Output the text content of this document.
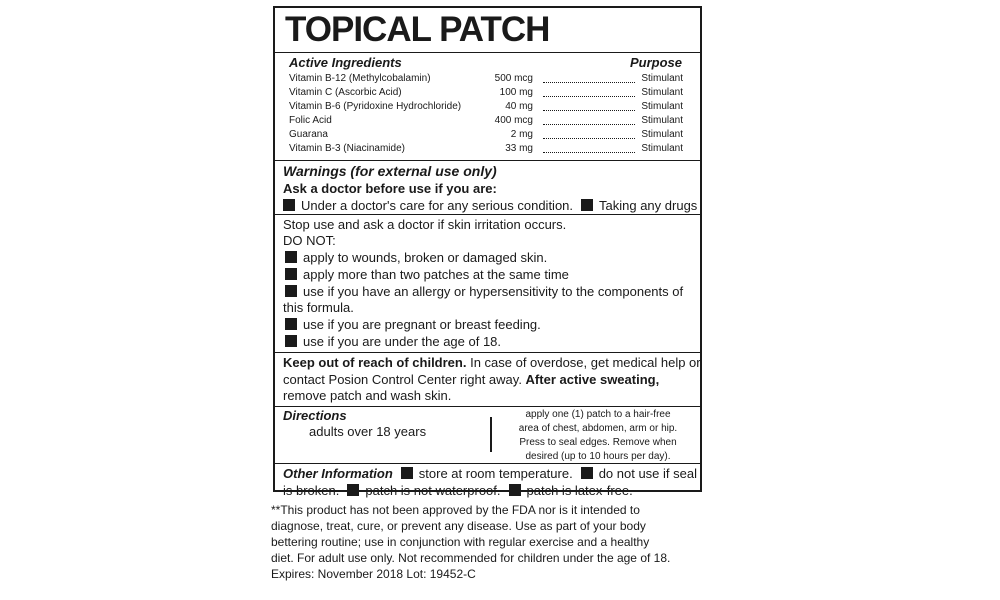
TOPICAL PATCH
Active Ingredients	Purpose
Vitamin B-12 (Methylcobalamin)	500 mcg	Stimulant
Vitamin C (Ascorbic Acid)	100 mg	Stimulant
Vitamin B-6 (Pyridoxine Hydrochloride)	40 mg	Stimulant
Folic Acid	400 mcg	Stimulant
Guarana	2 mg	Stimulant
Vitamin B-3 (Niacinamide)	33 mg	Stimulant
Warnings (for external use only)
Ask a doctor before use if you are:
Under a doctor's care for any serious condition. Taking any drugs
Stop use and ask a doctor if skin irritation occurs.
DO NOT:
apply to wounds, broken or damaged skin.
apply more than two patches at the same time
use if you have an allergy or hypersensitivity to the components of
this formula.
use if you are pregnant or breast feeding.
use if you are under the age of 18.
Keep out of reach of children. In case of overdose, get medical help or
contact Posion Control Center right away. After active sweating,
remove patch and wash skin.
Directions
adults over 18 years
apply one (1) patch to a hair-free
area of chest, abdomen, arm or hip.
Press to seal edges. Remove when
desired (up to 10 hours per day).
Other Information store at room temperature. do not use if seal
is broken. patch is not waterproof. patch is latex-free.
**This product has not been approved by the FDA nor is it intended to
diagnose, treat, cure, or prevent any disease. Use as part of your body
bettering routine; use in conjunction with regular exercise and a healthy
diet. For adult use only. Not recommended for children under the age of 18.
Expires: November 2018 Lot: 19452-C
